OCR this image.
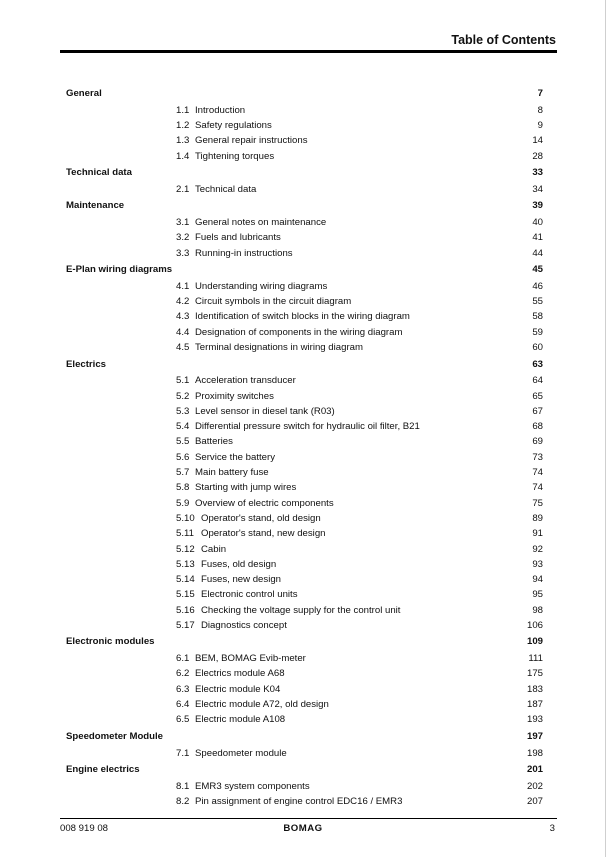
Table of Contents
General	7
1.1 Introduction	8
1.2 Safety regulations	9
1.3 General repair instructions	14
1.4 Tightening torques	28
Technical data	33
2.1 Technical data	34
Maintenance	39
3.1 General notes on maintenance	40
3.2 Fuels and lubricants	41
3.3 Running-in instructions	44
E-Plan wiring diagrams	45
4.1 Understanding wiring diagrams	46
4.2 Circuit symbols in the circuit diagram	55
4.3 Identification of switch blocks in the wiring diagram	58
4.4 Designation of components in the wiring diagram	59
4.5 Terminal designations in wiring diagram	60
Electrics	63
5.1 Acceleration transducer	64
5.2 Proximity switches	65
5.3 Level sensor in diesel tank (R03)	67
5.4 Differential pressure switch for hydraulic oil filter, B21	68
5.5 Batteries	69
5.6 Service the battery	73
5.7 Main battery fuse	74
5.8 Starting with jump wires	74
5.9 Overview of electric components	75
5.10 Operator's stand, old design	89
5.11 Operator's stand, new design	91
5.12 Cabin	92
5.13 Fuses, old design	93
5.14 Fuses, new design	94
5.15 Electronic control units	95
5.16 Checking the voltage supply for the control unit	98
5.17 Diagnostics concept	106
Electronic modules	109
6.1 BEM, BOMAG Evib-meter	111
6.2 Electrics module A68	175
6.3 Electric module K04	183
6.4 Electric module A72, old design	187
6.5 Electric module A108	193
Speedometer Module	197
7.1 Speedometer module	198
Engine electrics	201
8.1 EMR3 system components	202
8.2 Pin assignment of engine control EDC16 / EMR3	207
008 919 08	BOMAG	3
